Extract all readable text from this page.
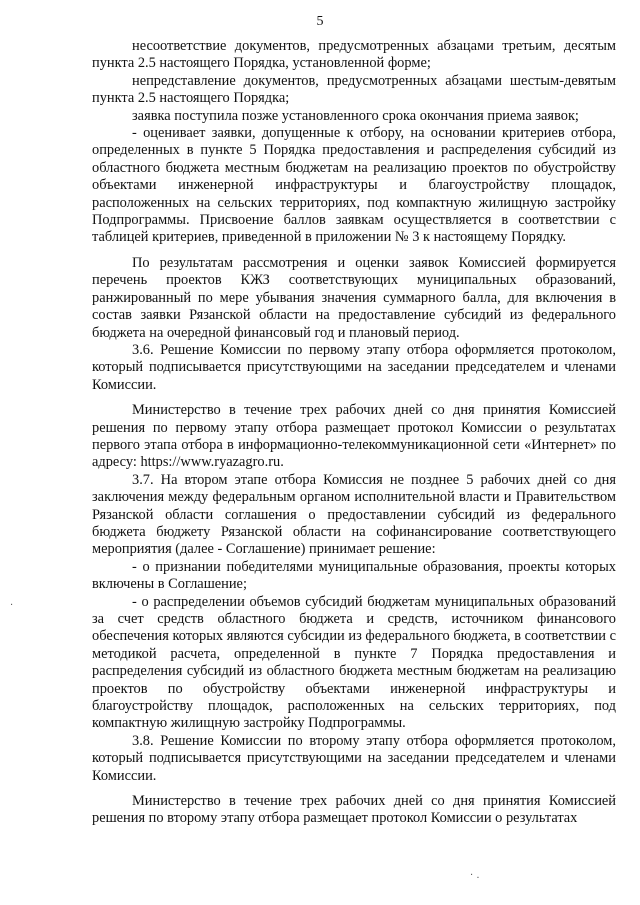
5

несоответствие документов, предусмотренных абзацами третьим, десятым пункта 2.5 настоящего Порядка, установленной форме;

непредставление документов, предусмотренных абзацами шестым-девятым пункта 2.5 настоящего Порядка;

заявка поступила позже установленного срока окончания приема заявок;

- оценивает заявки, допущенные к отбору, на основании критериев отбора, определенных в пункте 5 Порядка предоставления и распределения субсидий из областного бюджета местным бюджетам на реализацию проектов по обустройству объектами инженерной инфраструктуры и благоустройству площадок, расположенных на сельских территориях, под компактную жилищную застройку Подпрограммы. Присвоение баллов заявкам осуществляется в соответствии с таблицей критериев, приведенной в приложении № 3 к настоящему Порядку.

По результатам рассмотрения и оценки заявок Комиссией формируется перечень проектов КЖЗ соответствующих муниципальных образований, ранжированный по мере убывания значения суммарного балла, для включения в состав заявки Рязанской области на предоставление субсидий из федерального бюджета на очередной финансовый год и плановый период.

3.6. Решение Комиссии по первому этапу отбора оформляется протоколом, который подписывается присутствующими на заседании председателем и членами Комиссии.

Министерство в течение трех рабочих дней со дня принятия Комиссией решения по первому этапу отбора размещает протокол Комиссии о результатах первого этапа отбора в информационно-телекоммуникационной сети «Интернет» по адресу: https://www.ryazagro.ru.

3.7. На втором этапе отбора Комиссия не позднее 5 рабочих дней со дня заключения между федеральным органом исполнительной власти и Правительством Рязанской области соглашения о предоставлении субсидий из федерального бюджета бюджету Рязанской области на софинансирование соответствующего мероприятия (далее - Соглашение) принимает решение:

- о признании победителями муниципальные образования, проекты которых включены в Соглашение;

- о распределении объемов субсидий бюджетам муниципальных образований за счет средств областного бюджета и средств, источником финансового обеспечения которых являются субсидии из федерального бюджета, в соответствии с методикой расчета, определенной в пункте 7 Порядка предоставления и распределения субсидий из областного бюджета местным бюджетам на реализацию проектов по обустройству объектами инженерной инфраструктуры и благоустройству площадок, расположенных на сельских территориях, под компактную жилищную застройку Подпрограммы.

3.8. Решение Комиссии по второму этапу отбора оформляется протоколом, который подписывается присутствующими на заседании председателем и членами Комиссии.

Министерство в течение трех рабочих дней со дня принятия Комиссией решения по второму этапу отбора размещает протокол Комиссии о результатах

·
· .
